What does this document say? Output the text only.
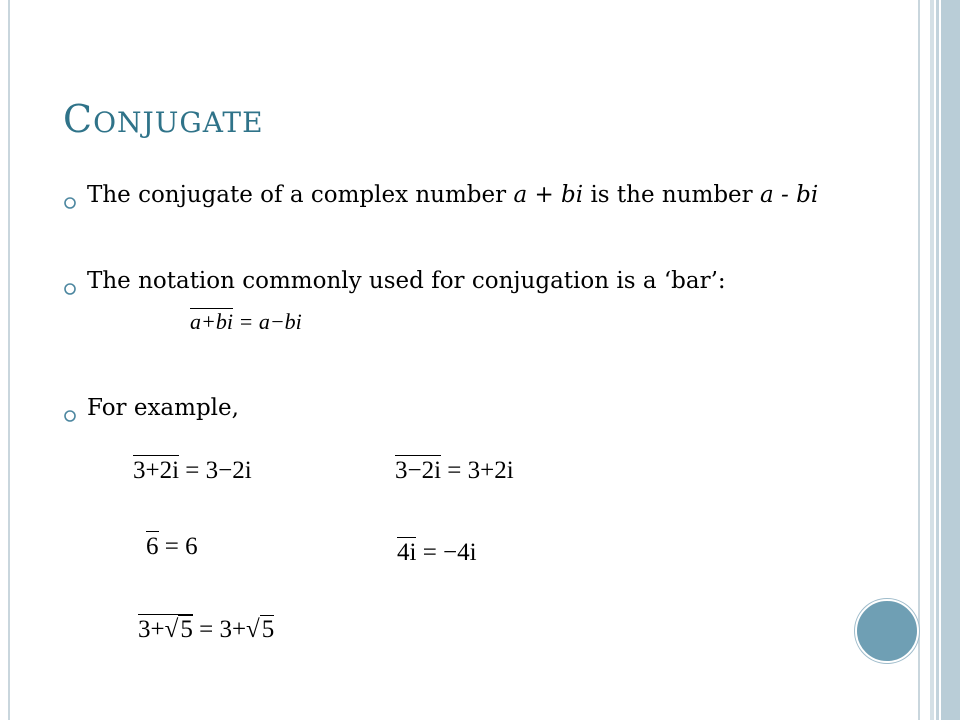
CONJUGATE
The conjugate of a complex number a + bi is the number a - bi
The notation commonly used for conjugation is a ‘bar’:
a+bi = a−bi
For example,
3+2i = 3−2i	3−2i = 3+2i
6 = 6	4i = −4i
3+√5 = 3+√5
